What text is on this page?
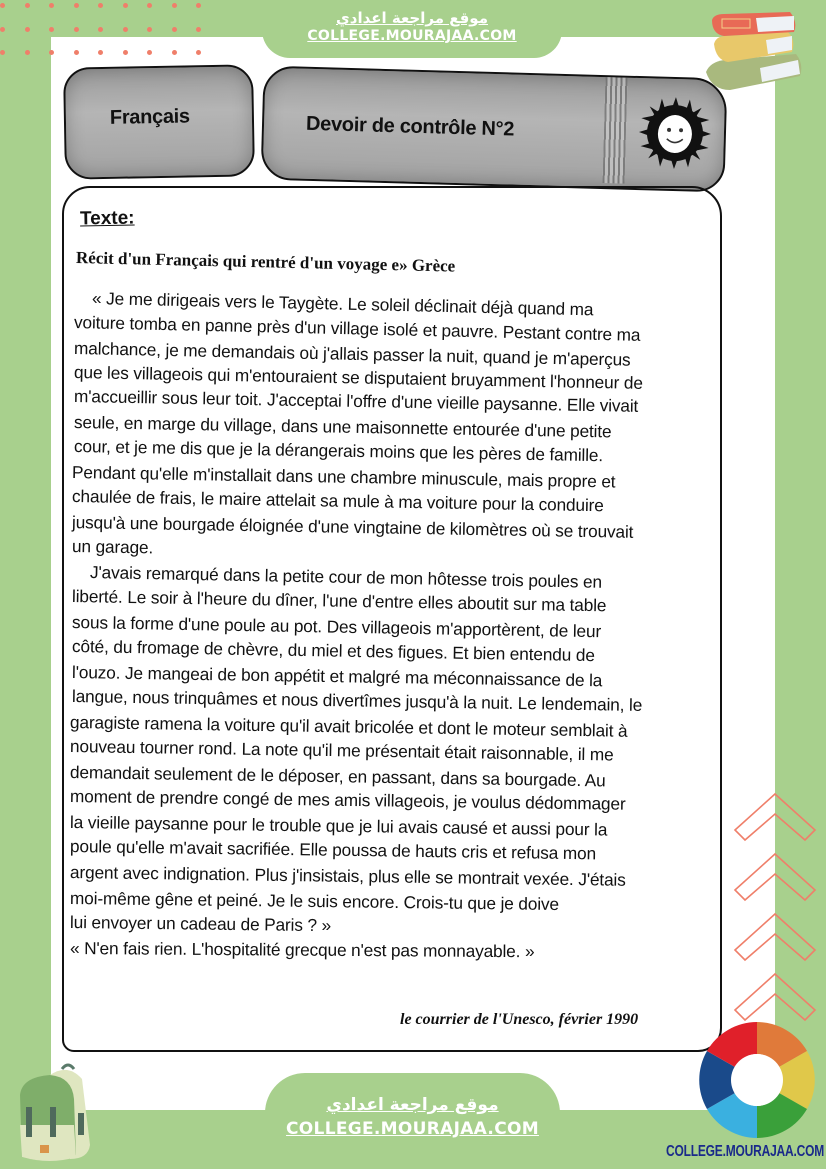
موقع مراجعة اعدادي
COLLEGE.MOURAJAA.COM
Français	Devoir de contrôle N°2
Texte:
Récit d'un Français qui rentré d'un voyage e» Grèce
« Je me dirigeais vers le Taygète. Le soleil déclinait déjà quand ma
voiture tomba en panne près d'un village isolé et pauvre. Pestant contre ma
malchance, je me demandais où j'allais passer la nuit, quand je m'aperçus
que les villageois qui m'entouraient se disputaient bruyamment l'honneur de
m'accueillir sous leur toit. J'acceptai l'offre d'une vieille paysanne. Elle vivait
seule, en marge du village, dans une maisonnette entourée d'une petite
cour, et je me dis que je la dérangerais moins que les pères de famille.
Pendant qu'elle m'installait dans une chambre minuscule, mais propre et
chaulée de frais, le maire attelait sa mule à ma voiture pour la conduire
jusqu'à une bourgade éloignée d'une vingtaine de kilomètres où se trouvait
un garage.
J'avais remarqué dans la petite cour de mon hôtesse trois poules en
liberté. Le soir à l'heure du dîner, l'une d'entre elles aboutit sur ma table
sous la forme d'une poule au pot. Des villageois m'apportèrent, de leur
côté, du fromage de chèvre, du miel et des figues. Et bien entendu de
l'ouzo. Je mangeai de bon appétit et malgré ma méconnaissance de la
langue, nous trinquâmes et nous divertîmes jusqu'à la nuit. Le lendemain, le
garagiste ramena la voiture qu'il avait bricolée et dont le moteur semblait à
nouveau tourner rond. La note qu'il me présentait était raisonnable, il me
demandait seulement de le déposer, en passant, dans sa bourgade. Au
moment de prendre congé de mes amis villageois, je voulus dédommager
la vieille paysanne pour le trouble que je lui avais causé et aussi pour la
poule qu'elle m'avait sacrifiée. Elle poussa de hauts cris et refusa mon
argent avec indignation. Plus j'insistais, plus elle se montrait vexée. J'étais
moi-même gêne et peiné. Je le suis encore. Crois-tu que je doive
lui envoyer un cadeau de Paris ? »
« N'en fais rien. L'hospitalité grecque n'est pas monnayable. »
le courrier de l'Unesco, février 1990
موقع مراجعة اعدادي
COLLEGE.MOURAJAA.COM
COLLEGE.MOURAJAA.COM
